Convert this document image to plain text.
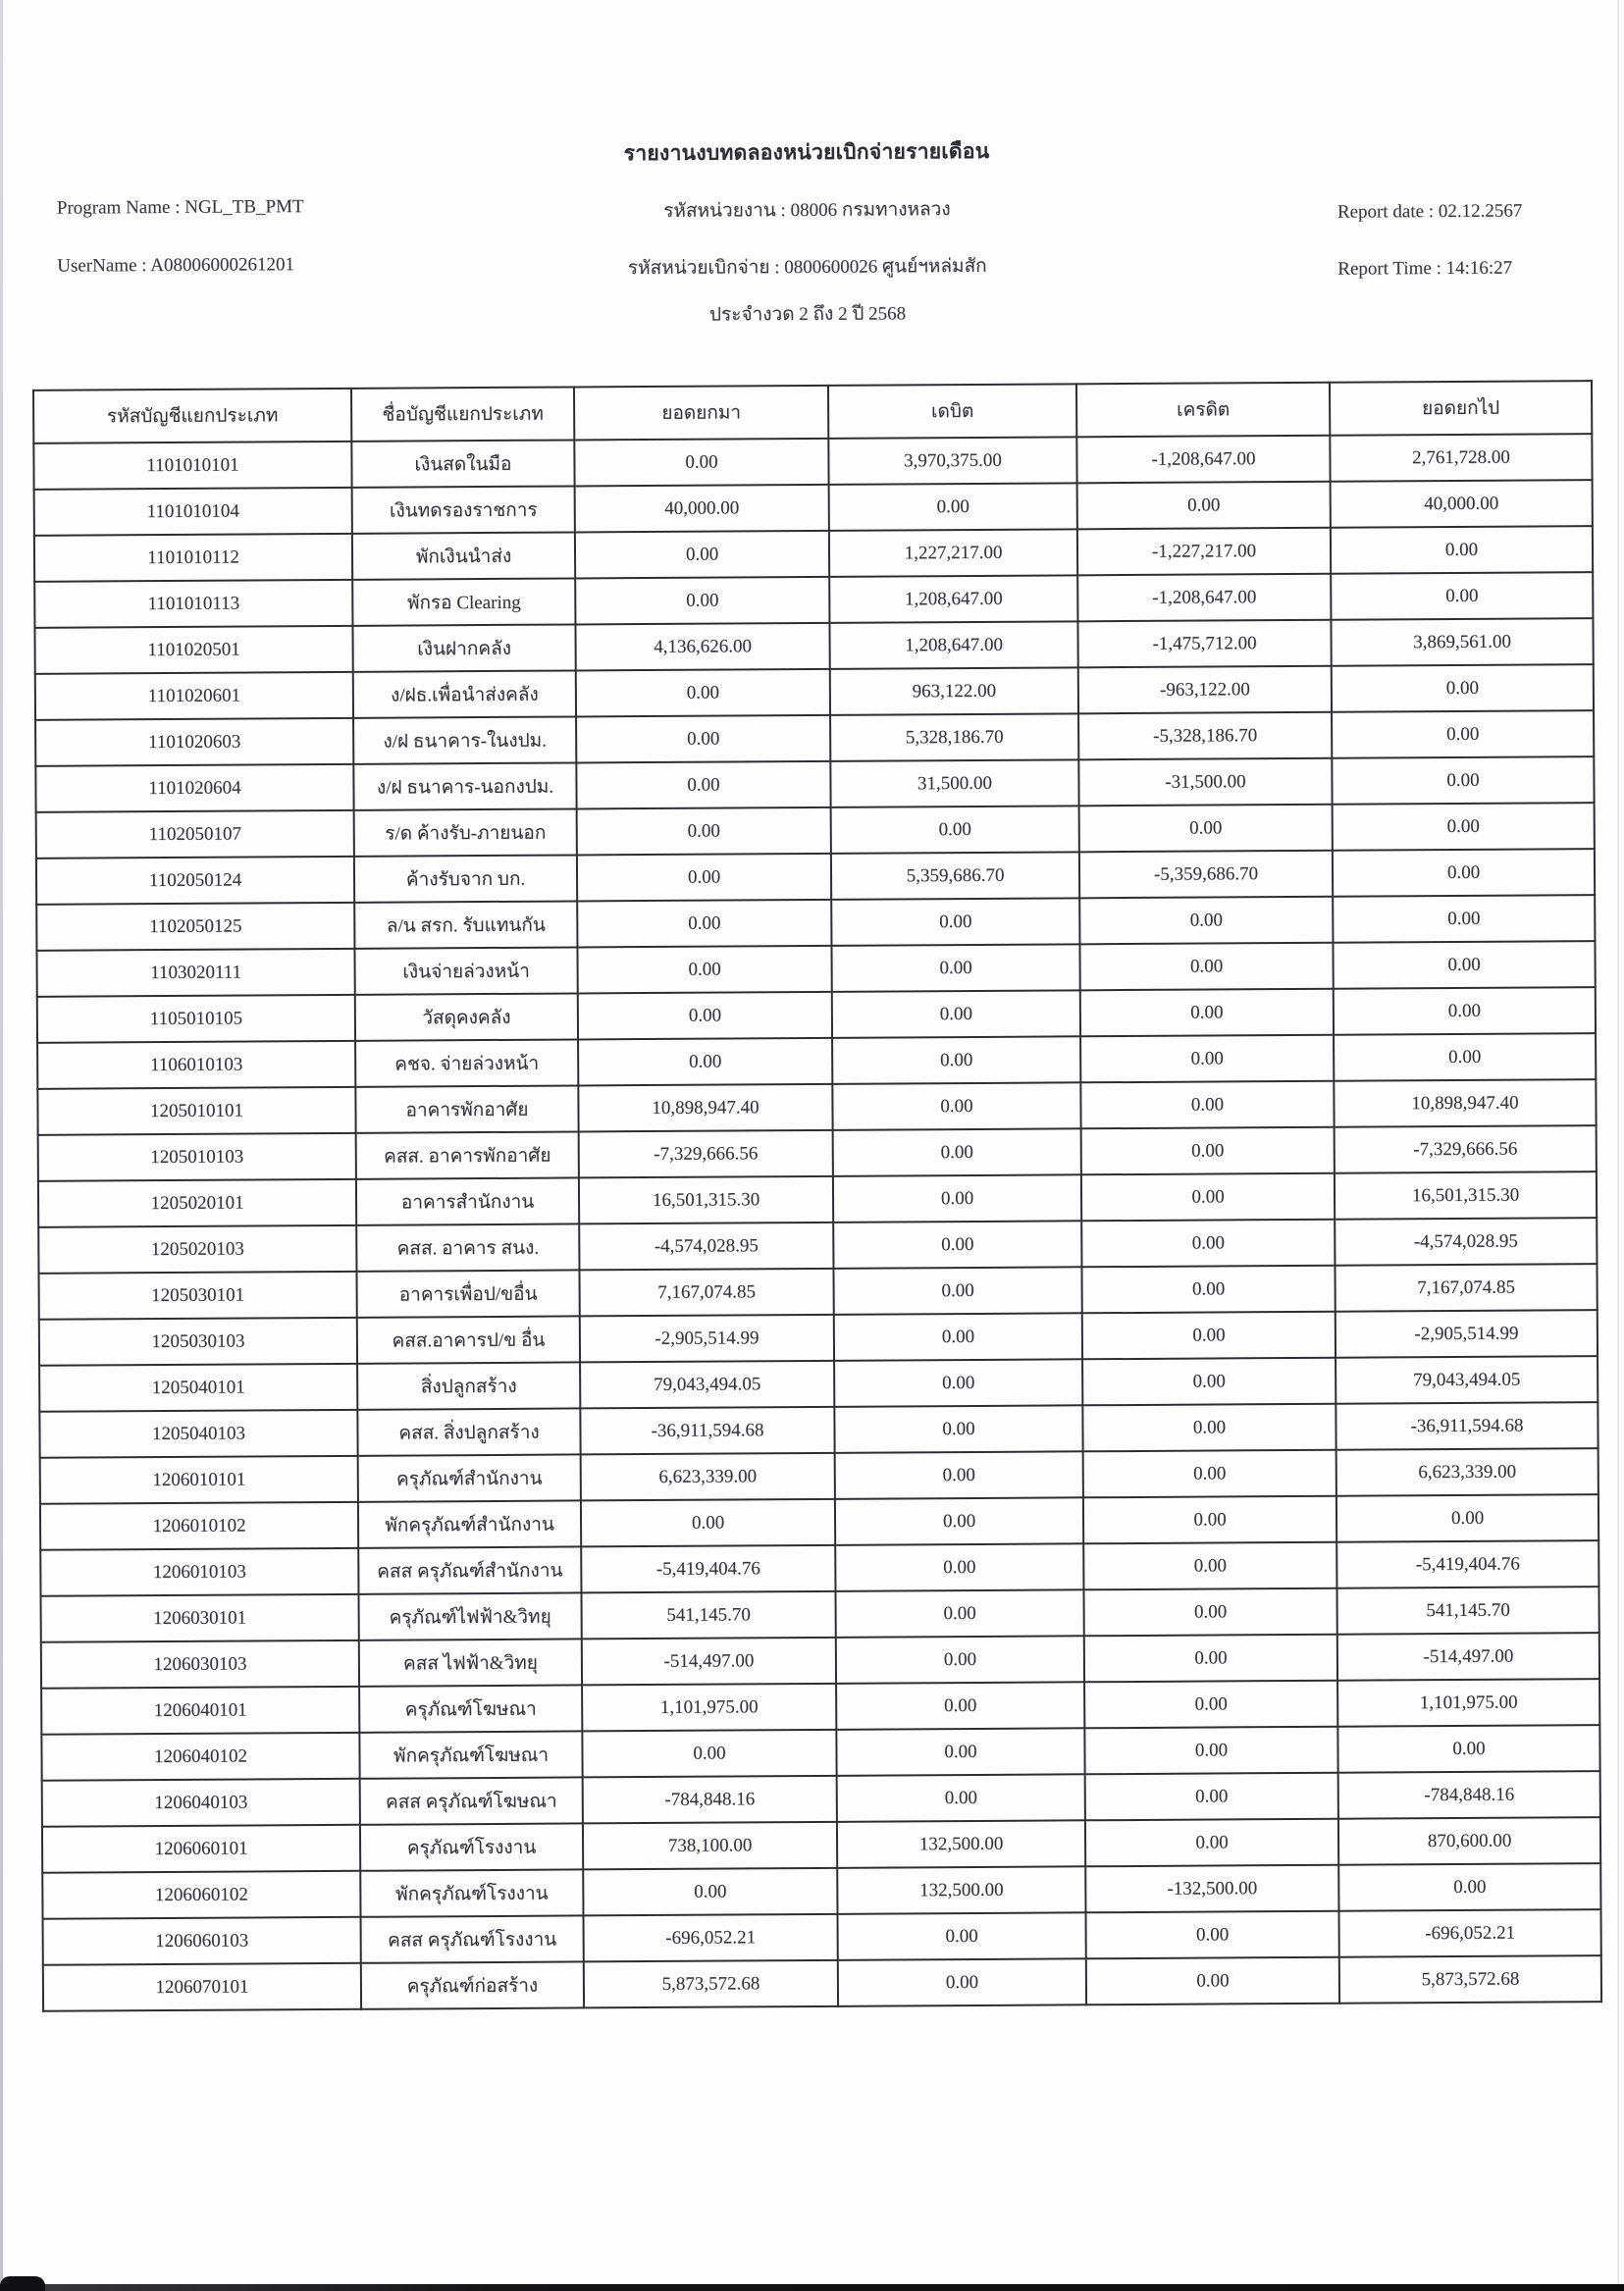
รายงานงบทดลองหน่วยเบิกจ่ายรายเดือน
Program Name : NGL_TB_PMT
UserName : A08006000261201
รหัสหน่วยงาน : 08006 กรมทางหลวง
รหัสหน่วยเบิกจ่าย : 0800600026 ศูนย์ฯหล่มสัก
ประจำงวด 2 ถึง 2 ปี 2568
Report date : 02.12.2567
Report Time : 14:16:27
รหัสบัญชีแยกประเภท	ชื่อบัญชีแยกประเภท	ยอดยกมา	เดบิต	เครดิต	ยอดยกไป
1101010101	เงินสดในมือ	0.00	3,970,375.00	-1,208,647.00	2,761,728.00
1101010104	เงินทดรองราชการ	40,000.00	0.00	0.00	40,000.00
1101010112	พักเงินนำส่ง	0.00	1,227,217.00	-1,227,217.00	0.00
1101010113	พักรอ Clearing	0.00	1,208,647.00	-1,208,647.00	0.00
1101020501	เงินฝากคลัง	4,136,626.00	1,208,647.00	-1,475,712.00	3,869,561.00
1101020601	ง/ฝธ.เพื่อนำส่งคลัง	0.00	963,122.00	-963,122.00	0.00
1101020603	ง/ฝ ธนาคาร-ในงปม.	0.00	5,328,186.70	-5,328,186.70	0.00
1101020604	ง/ฝ ธนาคาร-นอกงปม.	0.00	31,500.00	-31,500.00	0.00
1102050107	ร/ด ค้างรับ-ภายนอก	0.00	0.00	0.00	0.00
1102050124	ค้างรับจาก บก.	0.00	5,359,686.70	-5,359,686.70	0.00
1102050125	ล/น สรก. รับแทนกัน	0.00	0.00	0.00	0.00
1103020111	เงินจ่ายล่วงหน้า	0.00	0.00	0.00	0.00
1105010105	วัสดุคงคลัง	0.00	0.00	0.00	0.00
1106010103	คชจ. จ่ายล่วงหน้า	0.00	0.00	0.00	0.00
1205010101	อาคารพักอาศัย	10,898,947.40	0.00	0.00	10,898,947.40
1205010103	คสส. อาคารพักอาศัย	-7,329,666.56	0.00	0.00	-7,329,666.56
1205020101	อาคารสำนักงาน	16,501,315.30	0.00	0.00	16,501,315.30
1205020103	คสส. อาคาร สนง.	-4,574,028.95	0.00	0.00	-4,574,028.95
1205030101	อาคารเพื่อป/ขอื่น	7,167,074.85	0.00	0.00	7,167,074.85
1205030103	คสส.อาคารป/ข อื่น	-2,905,514.99	0.00	0.00	-2,905,514.99
1205040101	สิ่งปลูกสร้าง	79,043,494.05	0.00	0.00	79,043,494.05
1205040103	คสส. สิ่งปลูกสร้าง	-36,911,594.68	0.00	0.00	-36,911,594.68
1206010101	ครุภัณฑ์สำนักงาน	6,623,339.00	0.00	0.00	6,623,339.00
1206010102	พักครุภัณฑ์สำนักงาน	0.00	0.00	0.00	0.00
1206010103	คสส ครุภัณฑ์สำนักงาน	-5,419,404.76	0.00	0.00	-5,419,404.76
1206030101	ครุภัณฑ์ไฟฟ้า&วิทยุ	541,145.70	0.00	0.00	541,145.70
1206030103	คสส ไฟฟ้า&วิทยุ	-514,497.00	0.00	0.00	-514,497.00
1206040101	ครุภัณฑ์โฆษณา	1,101,975.00	0.00	0.00	1,101,975.00
1206040102	พักครุภัณฑ์โฆษณา	0.00	0.00	0.00	0.00
1206040103	คสส ครุภัณฑ์โฆษณา	-784,848.16	0.00	0.00	-784,848.16
1206060101	ครุภัณฑ์โรงงาน	738,100.00	132,500.00	0.00	870,600.00
1206060102	พักครุภัณฑ์โรงงาน	0.00	132,500.00	-132,500.00	0.00
1206060103	คสส ครุภัณฑ์โรงงาน	-696,052.21	0.00	0.00	-696,052.21
1206070101	ครุภัณฑ์ก่อสร้าง	5,873,572.68	0.00	0.00	5,873,572.68
